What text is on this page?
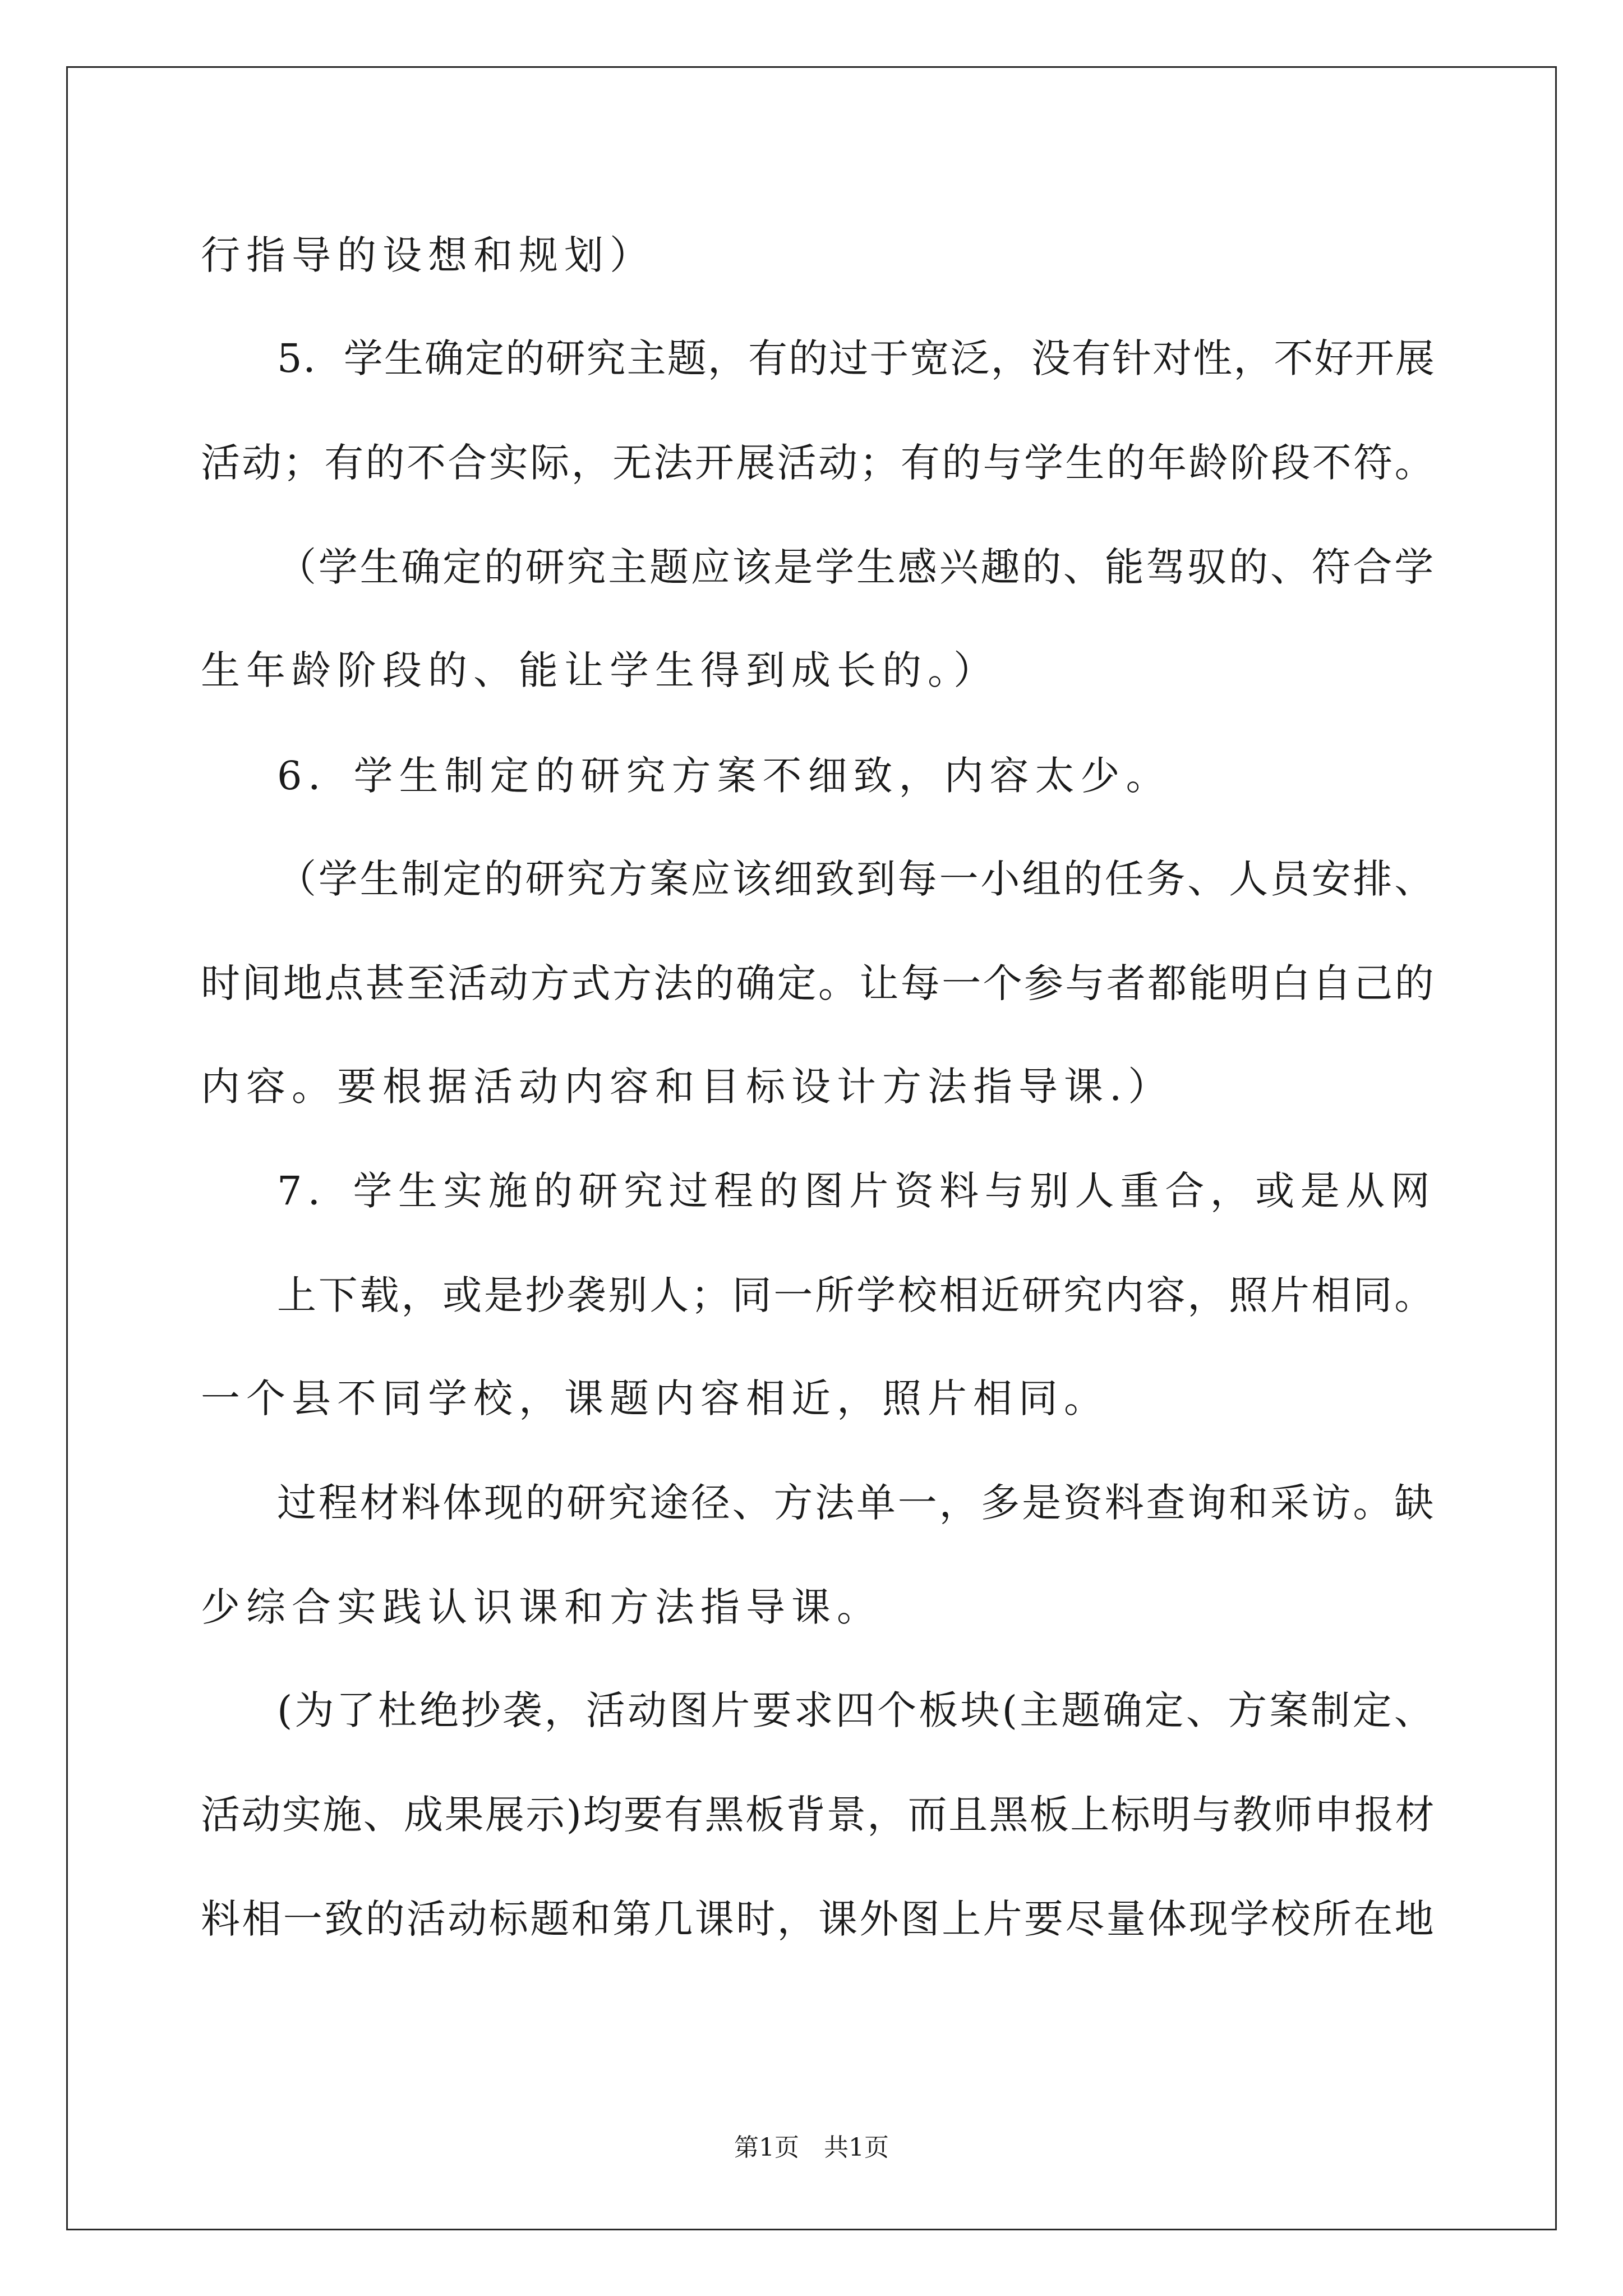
行指导的设想和规划）
5．学生确定的研究主题，有的过于宽泛，没有针对性，不好开展
活动；有的不合实际，无法开展活动；有的与学生的年龄阶段不符。
（学生确定的研究主题应该是学生感兴趣的、能驾驭的、符合学
生年龄阶段的、能让学生得到成长的。）
6．学生制定的研究方案不细致，内容太少。
（学生制定的研究方案应该细致到每一小组的任务、人员安排、
时间地点甚至活动方式方法的确定。让每一个参与者都能明白自己的
内容。要根据活动内容和目标设计方法指导课.）
7．学生实施的研究过程的图片资料与别人重合，或是从网
上下载，或是抄袭别人；同一所学校相近研究内容，照片相同。
一个县不同学校，课题内容相近，照片相同。
过程材料体现的研究途径、方法单一，多是资料查询和采访。缺
少综合实践认识课和方法指导课。
(为了杜绝抄袭，活动图片要求四个板块(主题确定、方案制定、
活动实施、成果展示)均要有黑板背景，而且黑板上标明与教师申报材
料相一致的活动标题和第几课时，课外图上片要尽量体现学校所在地
第1页 共1页
